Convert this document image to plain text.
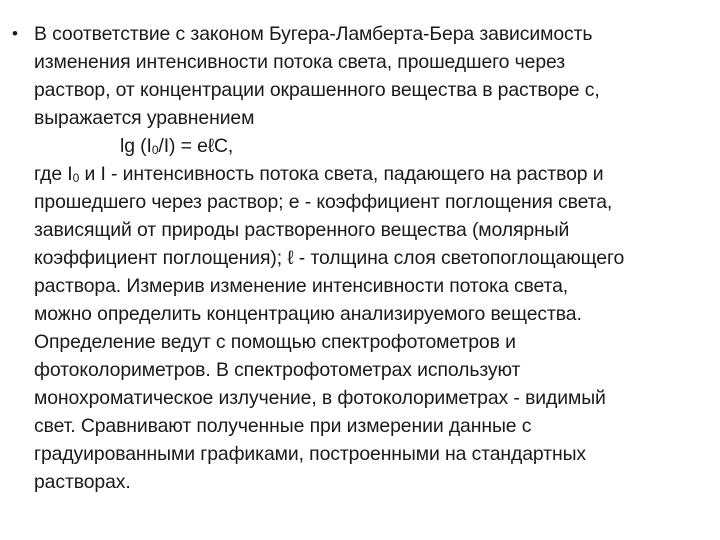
• В соответствие с законом Бугера-Ламберта-Бера зависимость
изменения интенсивности потока света, прошедшего через
раствор, от концентрации окрашенного вещества в растворе с,
выражается уравнением
$\lg (I_0/I)$ = eℓC,
где $I_0$ и I - интенсивность потока света, падающего на раствор и
прошедшего через раствор; e - коэффициент поглощения света,
зависящий от природы растворенного вещества (молярный
коэффициент поглощения); ℓ - толщина слоя светопоглощающего
раствора. Измерив изменение интенсивности потока света,
можно определить концентрацию анализируемого вещества.
Определение ведут с помощью спектрофотометров и
фотоколориметров. В спектрофотометрах используют
монохроматическое излучение, в фотоколориметрах - видимый
свет. Сравнивают полученные при измерении данные с
градуированными графиками, построенными на стандартных
растворах.
